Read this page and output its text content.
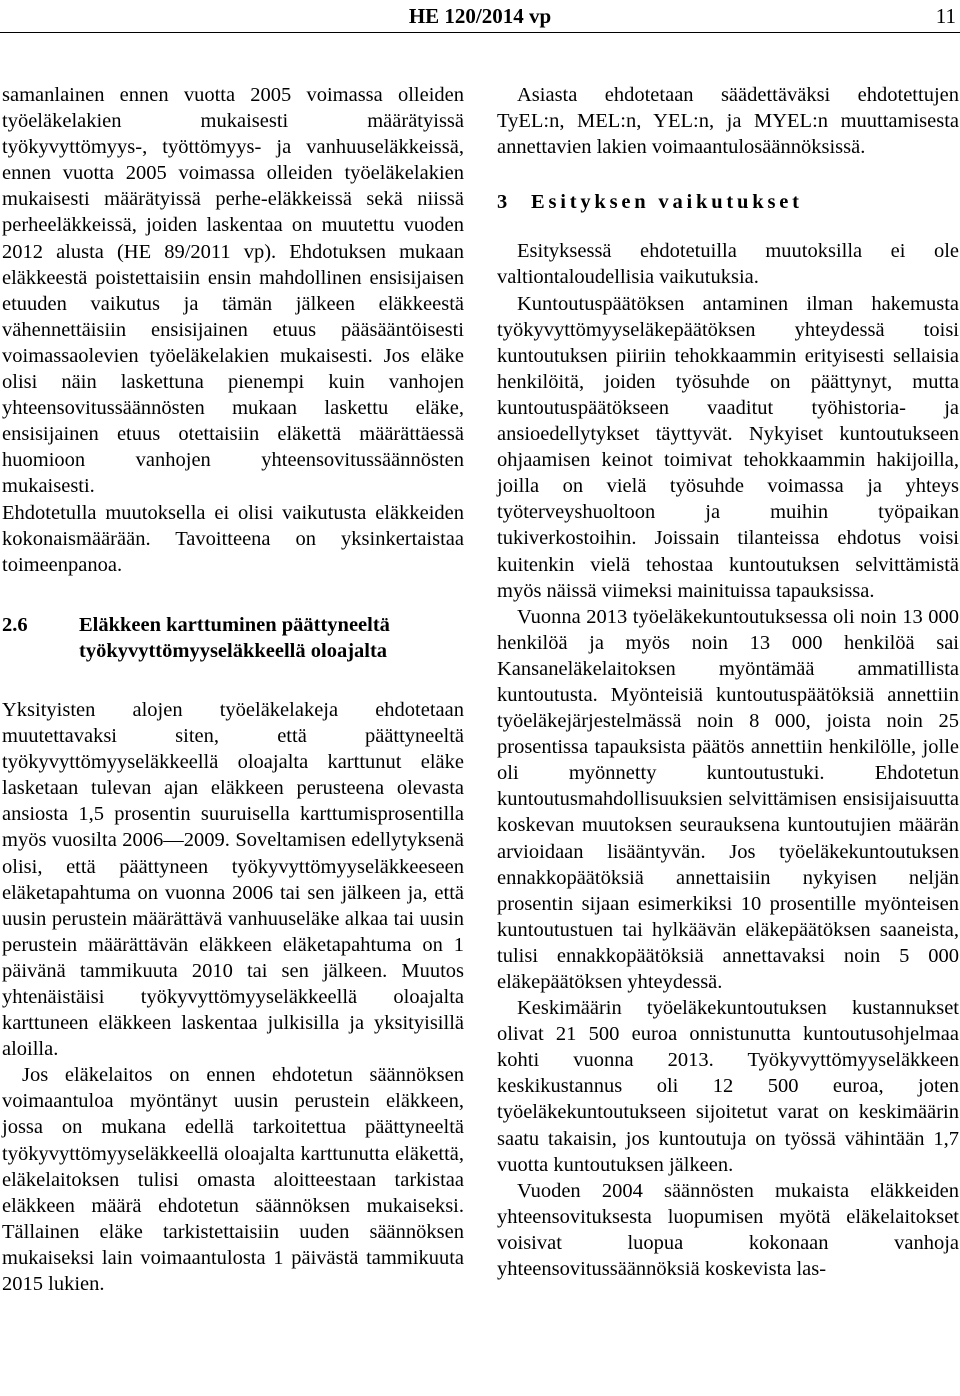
HE 120/2014 vp	11

samanlainen ennen vuotta 2005 voimassa olleiden työeläkelakien mukaisesti määrätyissä työkyvyttömyys-, työttömyys- ja vanhuuseläkkeissä, ennen vuotta 2005 voimassa olleiden työeläkelakien mukaisesti määrätyissä perhe-eläkkeissä sekä niissä perheeläkkeissä, joiden laskentaa on muutettu vuoden 2012 alusta (HE 89/2011 vp). Ehdotuksen mukaan eläkkeestä poistettaisiin ensin mahdollinen ensisijaisen etuuden vaikutus ja tämän jälkeen eläkkeestä vähennettäisiin ensisijainen etuus pääsääntöisesti voimassaolevien työeläkelakien mukaisesti. Jos eläke olisi näin laskettuna pienempi kuin vanhojen yhteensovitussäännösten mukaan laskettu eläke, ensisijainen etuus otettaisiin eläkettä määrättäessä huomioon vanhojen yhteensovitussäännösten mukaisesti.

Ehdotetulla muutoksella ei olisi vaikutusta eläkkeiden kokonaismäärään. Tavoitteena on yksinkertaistaa toimeenpanoa.

2.6	Eläkkeen karttuminen päättyneeltä työkyvyttömyyseläkkeellä oloajalta

Yksityisten alojen työeläkelakeja ehdotetaan muutettavaksi siten, että päättyneeltä työkyvyttömyyseläkkeellä oloajalta karttunut eläke lasketaan tulevan ajan eläkkeen perusteena olevasta ansiosta 1,5 prosentin suuruisella karttumisprosentilla myös vuosilta 2006—2009. Soveltamisen edellytyksenä olisi, että päättyneen työkyvyttömyyseläkkeeseen eläketapahtuma on vuonna 2006 tai sen jälkeen ja, että uusin perustein määrättävä vanhuuseläke alkaa tai uusin perustein määrättävän eläkkeen eläketapahtuma on 1 päivänä tammikuuta 2010 tai sen jälkeen. Muutos yhtenäistäisi työkyvyttömyyseläkkeellä oloajalta karttuneen eläkkeen laskentaa julkisilla ja yksityisillä aloilla.

Jos eläkelaitos on ennen ehdotetun säännöksen voimaantuloa myöntänyt uusin perustein eläkkeen, jossa on mukana edellä tarkoitettua päättyneeltä työkyvyttömyyseläkkeellä oloajalta karttunutta eläkettä, eläkelaitoksen tulisi omasta aloitteestaan tarkistaa eläkkeen määrä ehdotetun säännöksen mukaiseksi. Tällainen eläke tarkistettaisiin uuden säännöksen mukaiseksi lain voimaantulosta 1 päivästä tammikuuta 2015 lukien.

Asiasta ehdotetaan säädettäväksi ehdotettujen TyEL:n, MEL:n, YEL:n, ja MYEL:n muuttamisesta annettavien lakien voimaantulosäännöksissä.

3 Esityksen vaikutukset

Esityksessä ehdotetuilla muutoksilla ei ole valtiontaloudellisia vaikutuksia.

Kuntoutuspäätöksen antaminen ilman hakemusta työkyvyttömyyseläkepäätöksen yhteydessä toisi kuntoutuksen piiriin tehokkaammin erityisesti sellaisia henkilöitä, joiden työsuhde on päättynyt, mutta kuntoutuspäätökseen vaaditut työhistoria- ja ansioedellytykset täyttyvät. Nykyiset kuntoutukseen ohjaamisen keinot toimivat tehokkaammin hakijoilla, joilla on vielä työsuhde voimassa ja yhteys työterveyshuoltoon ja muihin työpaikan tukiverkostoihin. Joissain tilanteissa ehdotus voisi kuitenkin vielä tehostaa kuntoutuksen selvittämistä myös näissä viimeksi mainituissa tapauksissa.

Vuonna 2013 työeläkekuntoutuksessa oli noin 13 000 henkilöä ja myös noin 13 000 henkilöä sai Kansaneläkelaitoksen myöntämää ammatillista kuntoutusta. Myönteisiä kuntoutuspäätöksiä annettiin työeläkejärjestelmässä noin 8 000, joista noin 25 prosentissa tapauksista päätös annettiin henkilölle, jolle oli myönnetty kuntoutustuki. Ehdotetun kuntoutusmahdollisuuksien selvittämisen ensisijaisuutta koskevan muutoksen seurauksena kuntoutujien määrän arvioidaan lisääntyvän. Jos työeläkekuntoutuksen ennakkopäätöksiä annettaisiin nykyisen neljän prosentin sijaan esimerkiksi 10 prosentille myönteisen kuntoutustuen tai hylkäävän eläkepäätöksen saaneista, tulisi ennakkopäätöksiä annettavaksi noin 5 000 eläkepäätöksen yhteydessä.

Keskimäärin työeläkekuntoutuksen kustannukset olivat 21 500 euroa onnistunutta kuntoutusohjelmaa kohti vuonna 2013. Työkyvyttömyyseläkkeen keskikustannus oli 12 500 euroa, joten työeläkekuntoutukseen sijoitetut varat on keskimäärin saatu takaisin, jos kuntoutuja on työssä vähintään 1,7 vuotta kuntoutuksen jälkeen.

Vuoden 2004 säännösten mukaista eläkkeiden yhteensovituksesta luopumisen myötä eläkelaitokset voisivat luopua kokonaan vanhoja yhteensovitussäännöksiä koskevista las-
